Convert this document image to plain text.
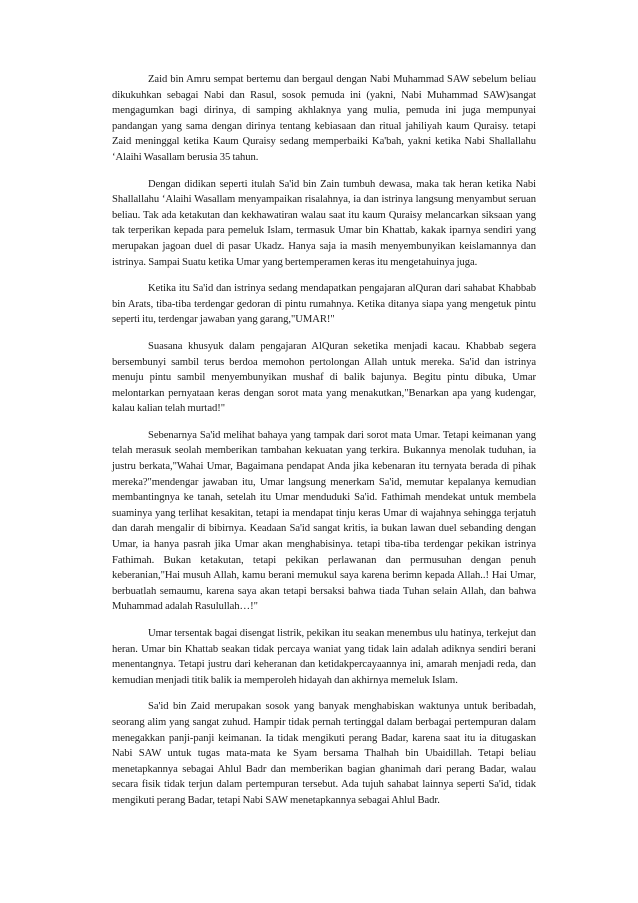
Zaid bin Amru sempat bertemu dan bergaul dengan Nabi Muhammad SAW sebelum beliau dikukuhkan sebagai Nabi dan Rasul, sosok pemuda ini (yakni, Nabi Muhammad SAW)sangat mengagumkan bagi dirinya, di samping akhlaknya yang mulia, pemuda ini juga mempunyai pandangan yang sama dengan dirinya tentang kebiasaan dan ritual jahiliyah kaum Quraisy. tetapi Zaid meninggal ketika Kaum Quraisy sedang memperbaiki Ka'bah, yakni ketika Nabi Shallallahu ‘Alaihi Wasallam berusia 35 tahun.

Dengan didikan seperti itulah Sa'id bin Zain tumbuh dewasa, maka tak heran ketika Nabi Shallallahu ‘Alaihi Wasallam menyampaikan risalahnya, ia dan istrinya langsung menyambut seruan beliau. Tak ada ketakutan dan kekhawatiran walau saat itu kaum Quraisy melancarkan siksaan yang tak terperikan kepada para pemeluk Islam, termasuk Umar bin Khattab, kakak iparnya sendiri yang merupakan jagoan duel di pasar Ukadz. Hanya saja ia masih menyembunyikan keislamannya dan istrinya. Sampai Suatu ketika Umar yang bertemperamen keras itu mengetahuinya juga.

Ketika itu Sa'id dan istrinya sedang mendapatkan pengajaran alQuran dari sahabat Khabbab bin Arats, tiba-tiba terdengar gedoran di pintu rumahnya. Ketika ditanya siapa yang mengetuk pintu seperti itu, terdengar jawaban yang garang,"UMAR!"

Suasana khusyuk dalam pengajaran AlQuran seketika menjadi kacau. Khabbab segera bersembunyi sambil terus berdoa memohon pertolongan Allah untuk mereka. Sa'id dan istrinya menuju pintu sambil menyembunyikan mushaf di balik bajunya. Begitu pintu dibuka, Umar melontarkan pernyataan keras dengan sorot mata yang menakutkan,"Benarkan apa yang kudengar, kalau kalian telah murtad!"

Sebenarnya Sa'id melihat bahaya yang tampak dari sorot mata Umar. Tetapi keimanan yang telah merasuk seolah memberikan tambahan kekuatan yang terkira. Bukannya menolak tuduhan, ia justru berkata,"Wahai Umar, Bagaimana pendapat Anda jika kebenaran itu ternyata berada di pihak mereka?"mendengar jawaban itu, Umar langsung menerkam Sa'id, memutar kepalanya kemudian membantingnya ke tanah, setelah itu Umar menduduki Sa'id. Fathimah mendekat untuk membela suaminya yang terlihat kesakitan, tetapi ia mendapat tinju keras Umar di wajahnya sehingga terjatuh dan darah mengalir di bibirnya. Keadaan Sa'id sangat kritis, ia bukan lawan duel sebanding dengan Umar, ia hanya pasrah jika Umar akan menghabisinya. tetapi tiba-tiba terdengar pekikan istrinya Fathimah. Bukan ketakutan, tetapi pekikan perlawanan dan permusuhan dengan penuh keberanian,"Hai musuh Allah, kamu berani memukul saya karena berimn kepada Allah..! Hai Umar, berbuatlah semaumu, karena saya akan tetapi bersaksi bahwa tiada Tuhan selain Allah, dan bahwa Muhammad adalah Rasulullah…!"

Umar tersentak bagai disengat listrik, pekikan itu seakan menembus ulu hatinya, terkejut dan heran. Umar bin Khattab seakan tidak percaya waniat yang tidak lain adalah adiknya sendiri berani menentangnya. Tetapi justru dari keheranan dan ketidakpercayaannya ini, amarah menjadi reda, dan kemudian menjadi titik balik ia memperoleh hidayah dan akhirnya memeluk Islam.

Sa'id bin Zaid merupakan sosok yang banyak menghabiskan waktunya untuk beribadah, seorang alim yang sangat zuhud. Hampir tidak pernah tertinggal dalam berbagai pertempuran dalam menegakkan panji-panji keimanan. Ia tidak mengikuti perang Badar, karena saat itu ia ditugaskan Nabi SAW untuk tugas mata-mata ke Syam bersama Thalhah bin Ubaidillah. Tetapi beliau menetapkannya sebagai Ahlul Badr dan memberikan bagian ghanimah dari perang Badar, walau secara fisik tidak terjun dalam pertempuran tersebut. Ada tujuh sahabat lainnya seperti Sa'id, tidak mengikuti perang Badar, tetapi Nabi SAW menetapkannya sebagai Ahlul Badr.
